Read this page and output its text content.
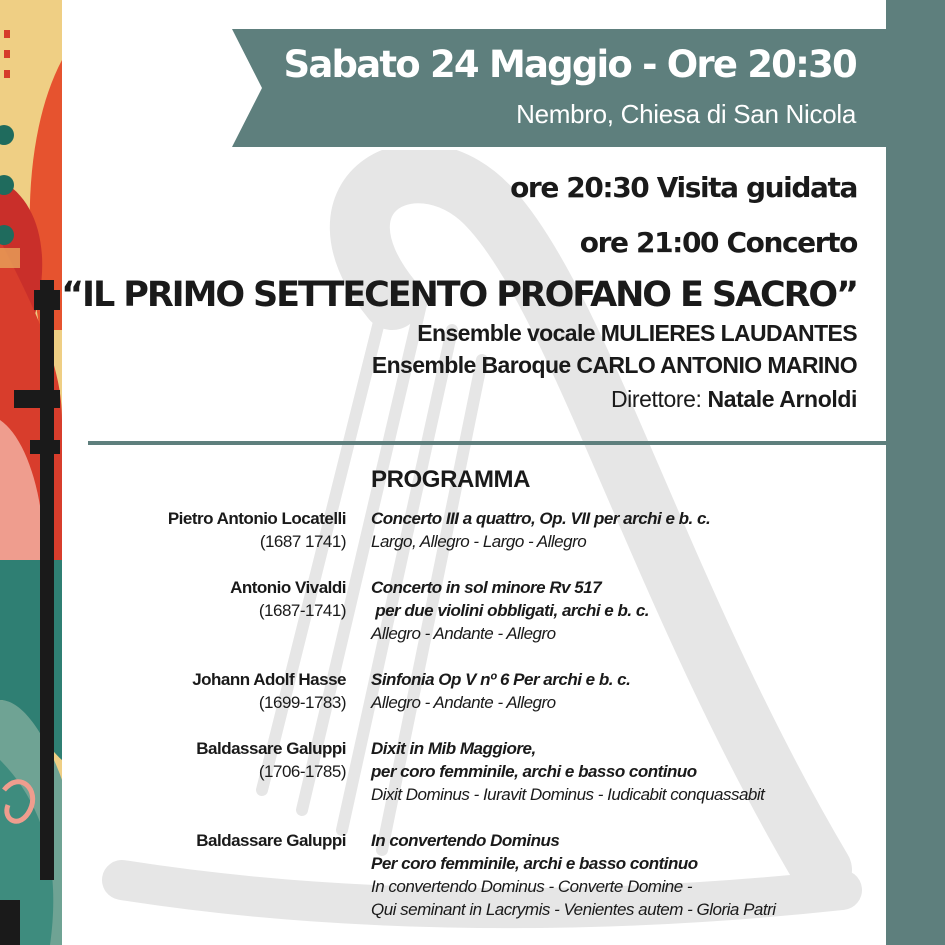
Sabato 24 Maggio - Ore 20:30
Nembro, Chiesa di San Nicola
ore 20:30 Visita guidata
ore 21:00 Concerto
“IL PRIMO SETTECENTO PROFANO E SACRO”
Ensemble vocale MULIERES LAUDANTES
Ensemble Baroque CARLO ANTONIO MARINO
Direttore: Natale Arnoldi
PROGRAMMA
Pietro Antonio Locatelli
(1687 1741)
Concerto III a quattro, Op. VII per archi e b. c.
Largo, Allegro - Largo - Allegro
Antonio Vivaldi
(1687-1741)
Concerto in sol minore Rv 517
per due violini obbligati, archi e b. c.
Allegro - Andante - Allegro
Johann Adolf Hasse
(1699-1783)
Sinfonia Op V nº 6 Per archi e b. c.
Allegro - Andante - Allegro
Baldassare Galuppi
(1706-1785)
Dixit in Mib Maggiore,
per coro femminile, archi e basso continuo
Dixit Dominus - Iuravit Dominus - Iudicabit conquassabit
Baldassare Galuppi In convertendo Dominus
Per coro femminile, archi e basso continuo
In convertendo Dominus - Converte Domine -
Qui seminant in Lacrymis - Venientes autem - Gloria Patri
